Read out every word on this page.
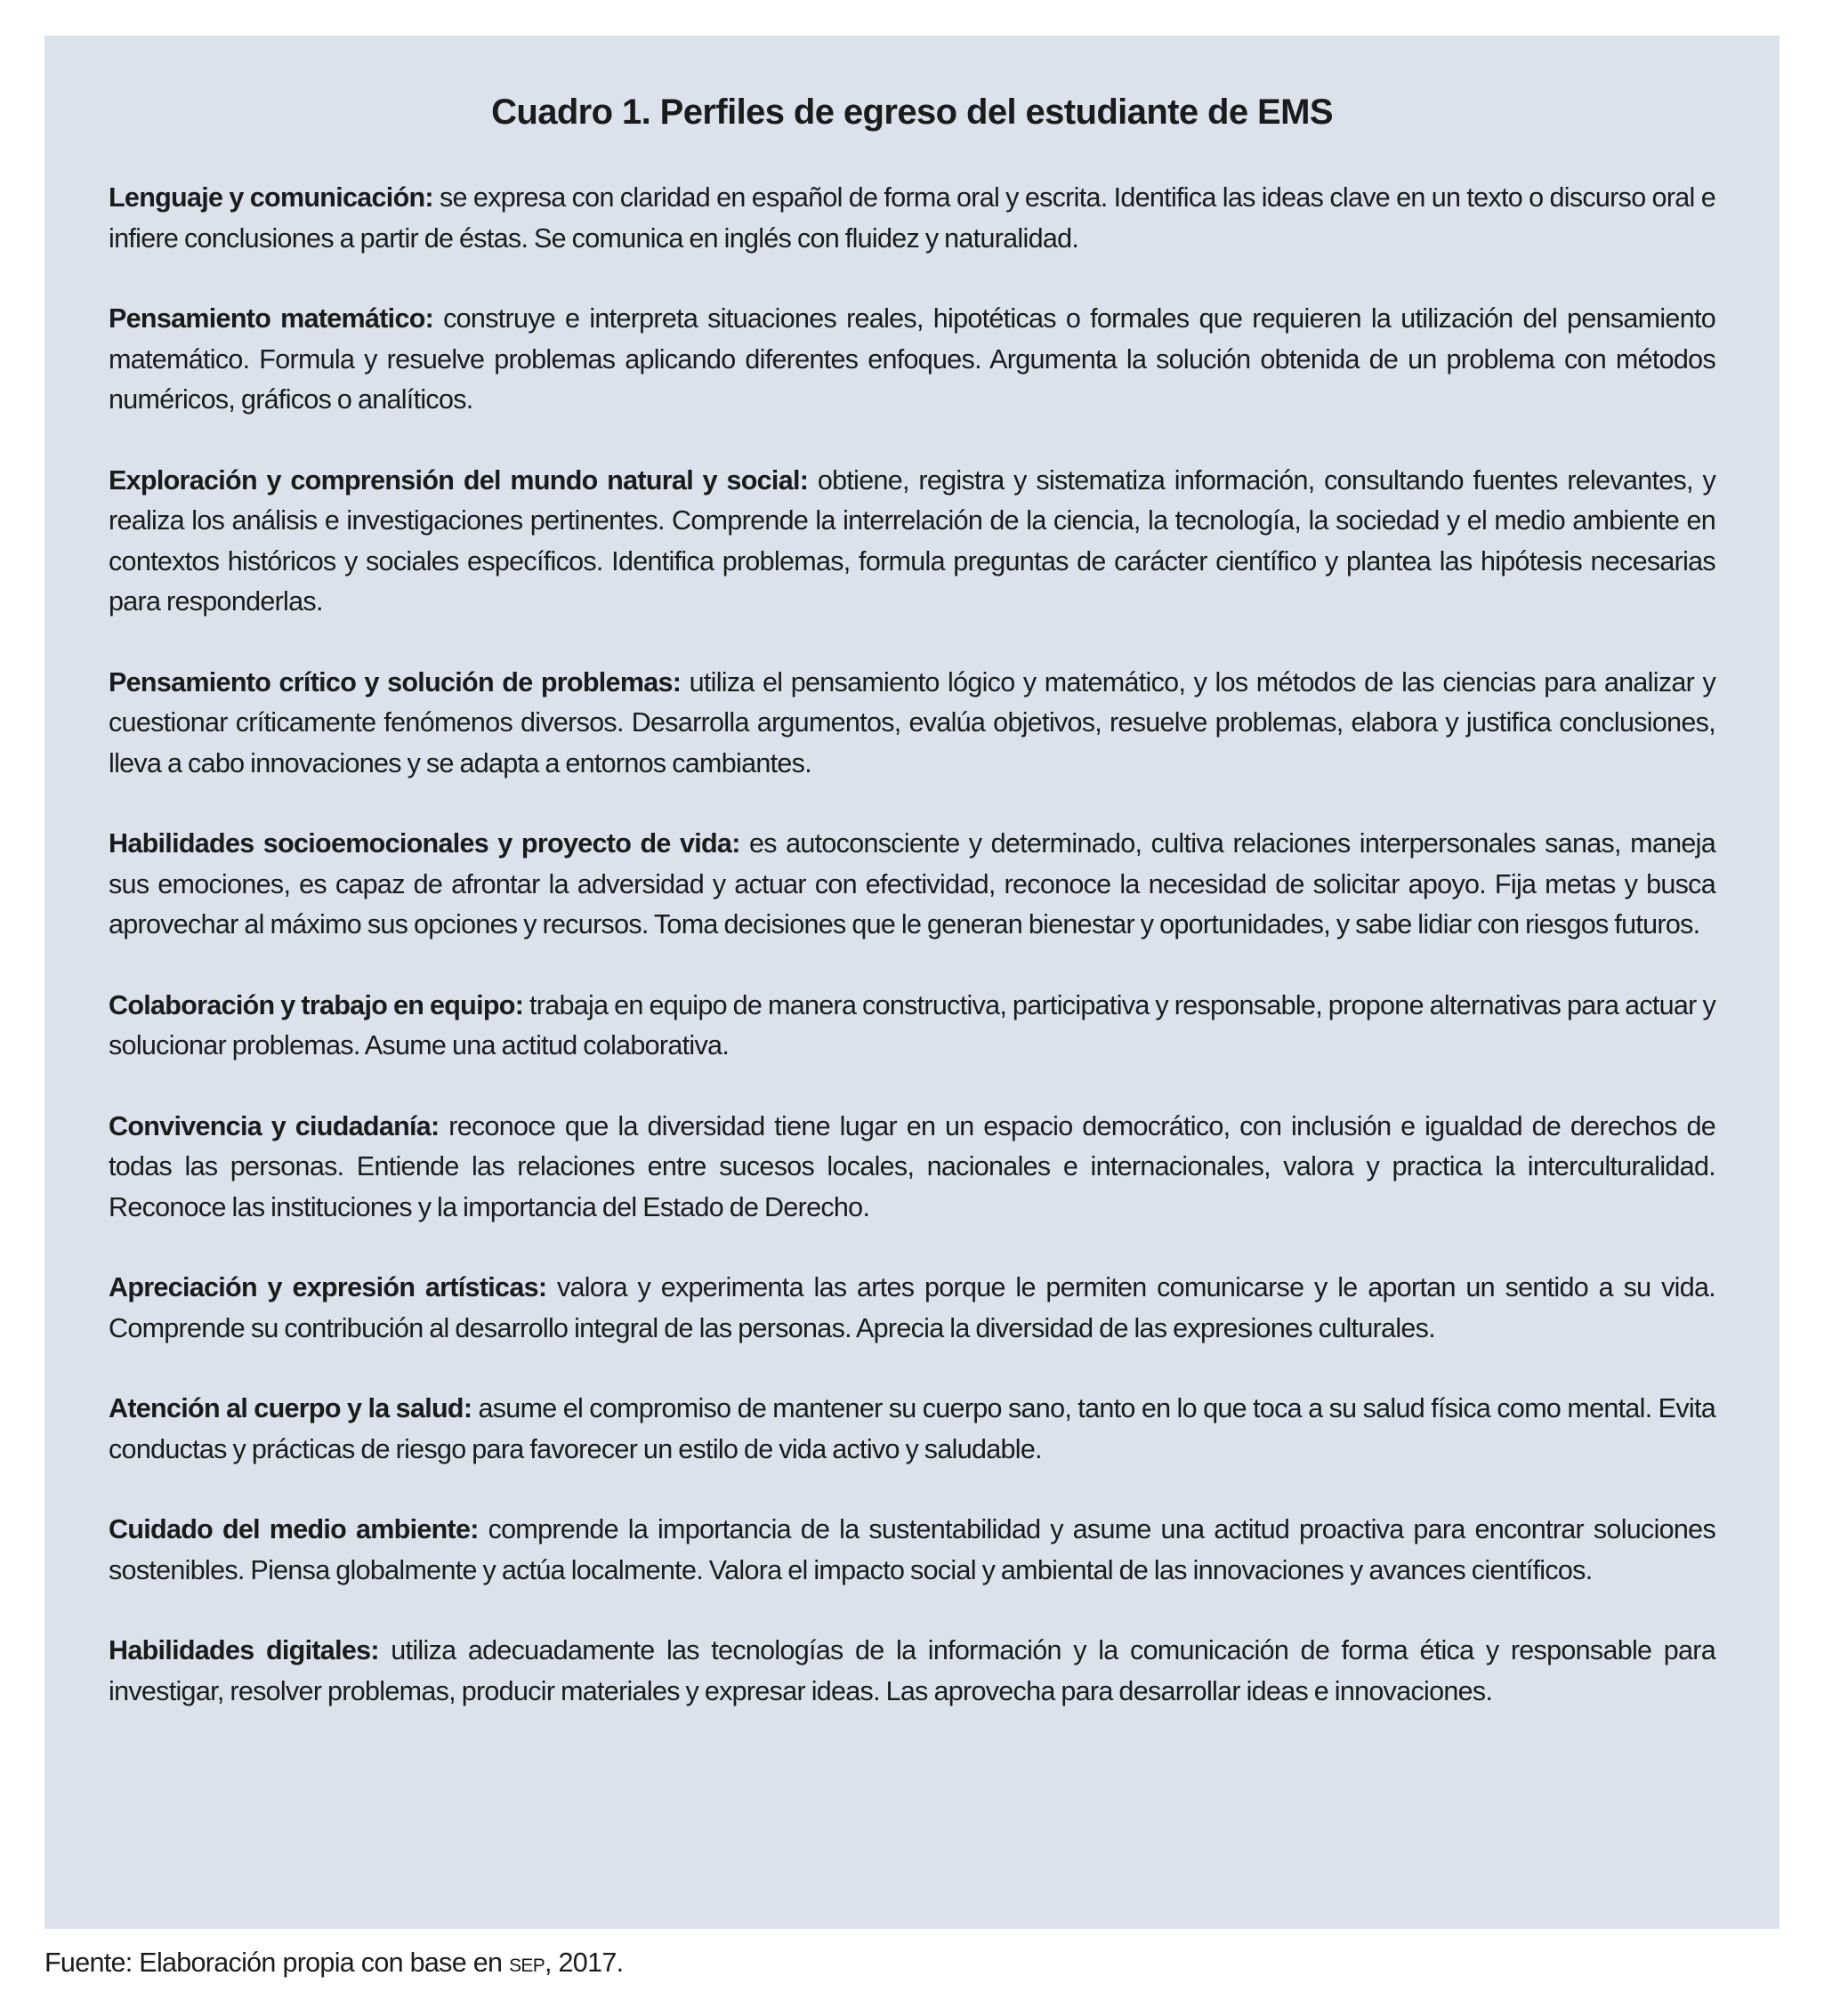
Cuadro 1. Perfiles de egreso del estudiante de EMS

Lenguaje y comunicación: se expresa con claridad en español de forma oral y escrita. Identifica las ideas clave en un texto o discurso oral e infiere conclusiones a partir de éstas. Se comunica en inglés con fluidez y naturalidad.

Pensamiento matemático: construye e interpreta situaciones reales, hipotéticas o formales que requieren la utilización del pensamiento matemático. Formula y resuelve problemas aplicando diferentes enfoques. Argumenta la solución obtenida de un problema con métodos numéricos, gráficos o analíticos.

Exploración y comprensión del mundo natural y social: obtiene, registra y sistematiza información, consultando fuentes relevantes, y realiza los análisis e investigaciones pertinentes. Comprende la interrelación de la ciencia, la tecnología, la sociedad y el medio ambiente en contextos históricos y sociales específicos. Identifica problemas, formula preguntas de carácter científico y plantea las hipótesis necesarias para responderlas.

Pensamiento crítico y solución de problemas: utiliza el pensamiento lógico y matemático, y los métodos de las ciencias para analizar y cuestionar críticamente fenómenos diversos. Desarrolla argumentos, evalúa objetivos, resuelve problemas, elabora y justifica conclusiones, lleva a cabo innovaciones y se adapta a entornos cambiantes.

Habilidades socioemocionales y proyecto de vida: es autoconsciente y determinado, cultiva relaciones interpersonales sanas, maneja sus emociones, es capaz de afrontar la adversidad y actuar con efectividad, reconoce la necesidad de solicitar apoyo. Fija metas y busca aprovechar al máximo sus opciones y recursos. Toma decisiones que le generan bienestar y oportunidades, y sabe lidiar con riesgos futuros.

Colaboración y trabajo en equipo: trabaja en equipo de manera constructiva, participativa y responsable, propone alternativas para actuar y solucionar problemas. Asume una actitud colaborativa.

Convivencia y ciudadanía: reconoce que la diversidad tiene lugar en un espacio democrático, con inclusión e igualdad de derechos de todas las personas. Entiende las relaciones entre sucesos locales, nacionales e internacionales, valora y practica la interculturalidad. Reconoce las instituciones y la importancia del Estado de Derecho.

Apreciación y expresión artísticas: valora y experimenta las artes porque le permiten comunicarse y le aportan un sentido a su vida. Comprende su contribución al desarrollo integral de las personas. Aprecia la diversidad de las expresiones culturales.

Atención al cuerpo y la salud: asume el compromiso de mantener su cuerpo sano, tanto en lo que toca a su salud física como mental. Evita conductas y prácticas de riesgo para favorecer un estilo de vida activo y saludable.

Cuidado del medio ambiente: comprende la importancia de la sustentabilidad y asume una actitud proactiva para encontrar soluciones sostenibles. Piensa globalmente y actúa localmente. Valora el impacto social y ambiental de las innovaciones y avances científicos.

Habilidades digitales: utiliza adecuadamente las tecnologías de la información y la comunicación de forma ética y responsable para investigar, resolver problemas, producir materiales y expresar ideas. Las aprovecha para desarrollar ideas e innovaciones.

Fuente: Elaboración propia con base en sep, 2017.
